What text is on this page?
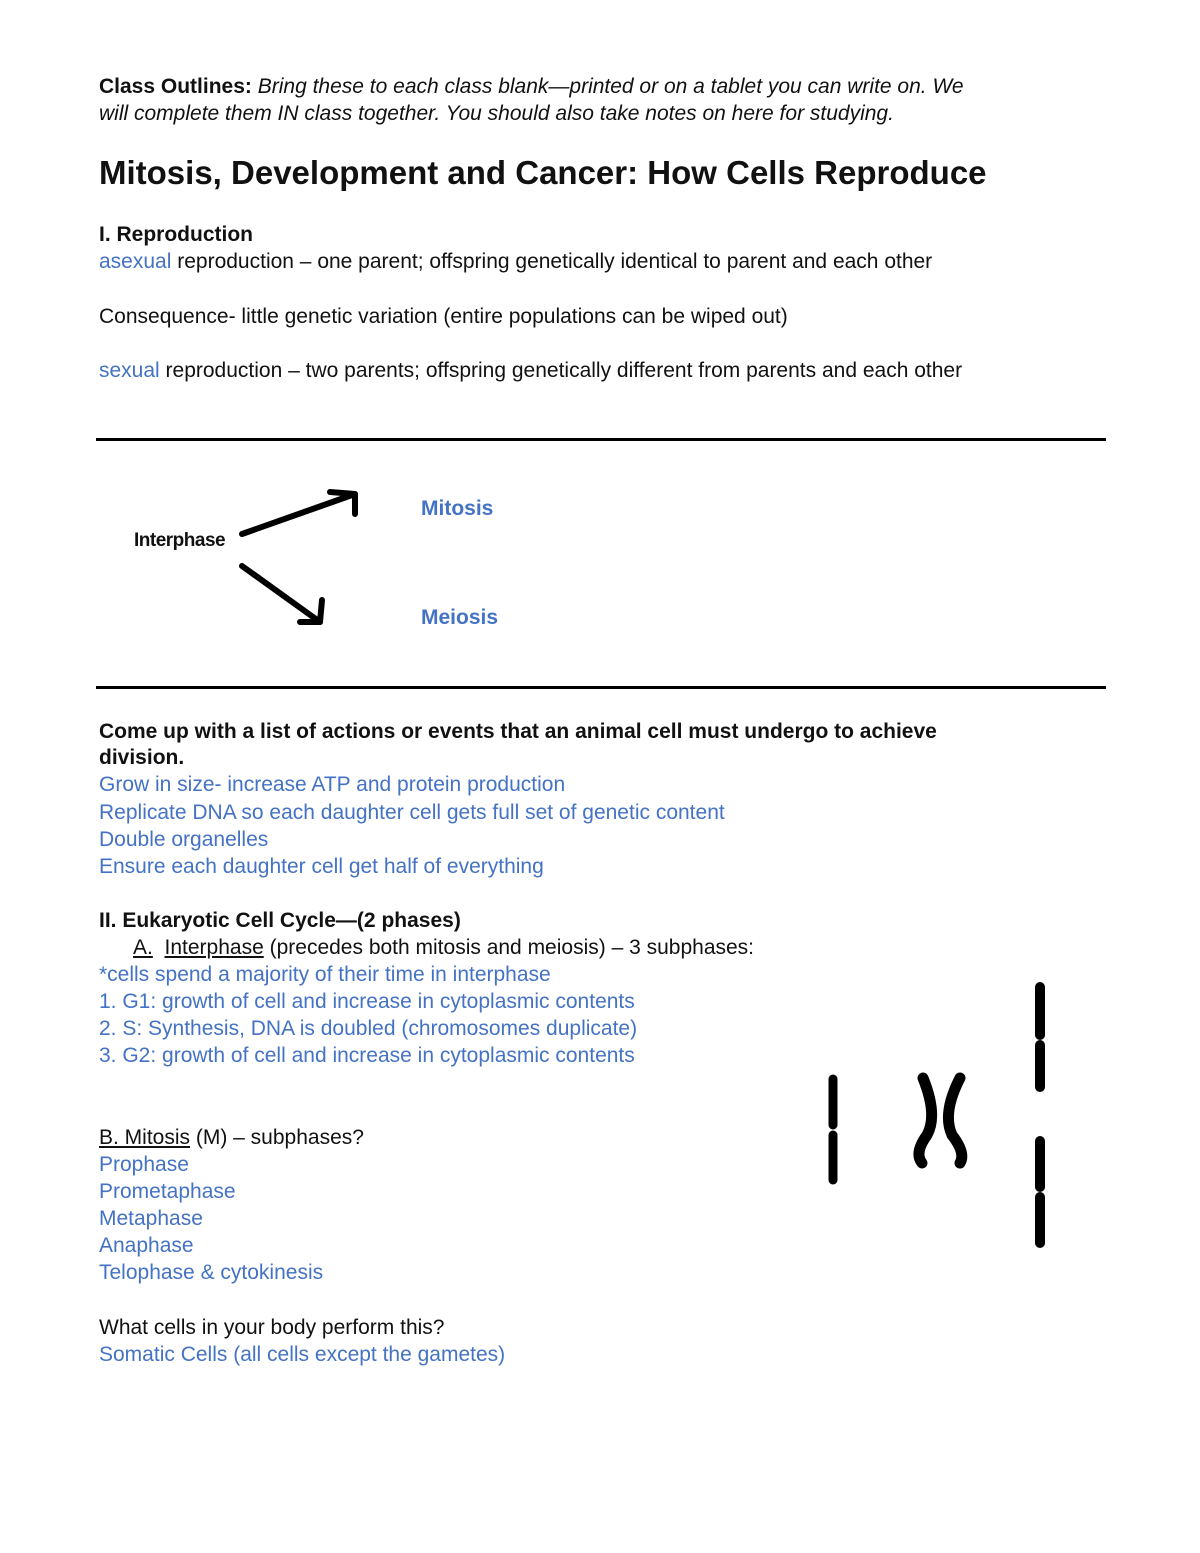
Class Outlines: Bring these to each class blank—printed or on a tablet you can write on. We
will complete them IN class together. You should also take notes on here for studying.
Mitosis, Development and Cancer: How Cells Reproduce
I. Reproduction
asexual reproduction – one parent; offspring genetically identical to parent and each other
Consequence- little genetic variation (entire populations can be wiped out)
sexual reproduction – two parents; offspring genetically different from parents and each other
Interphase
Mitosis
Meiosis
Come up with a list of actions or events that an animal cell must undergo to achieve
division.
Grow in size- increase ATP and protein production
Replicate DNA so each daughter cell gets full set of genetic content
Double organelles
Ensure each daughter cell get half of everything
II. Eukaryotic Cell Cycle—(2 phases)
A. Interphase (precedes both mitosis and meiosis) – 3 subphases:
*cells spend a majority of their time in interphase
1. G1: growth of cell and increase in cytoplasmic contents
2. S: Synthesis, DNA is doubled (chromosomes duplicate)
3. G2: growth of cell and increase in cytoplasmic contents
B. Mitosis (M) – subphases?
Prophase
Prometaphase
Metaphase
Anaphase
Telophase & cytokinesis
What cells in your body perform this?
Somatic Cells (all cells except the gametes)
